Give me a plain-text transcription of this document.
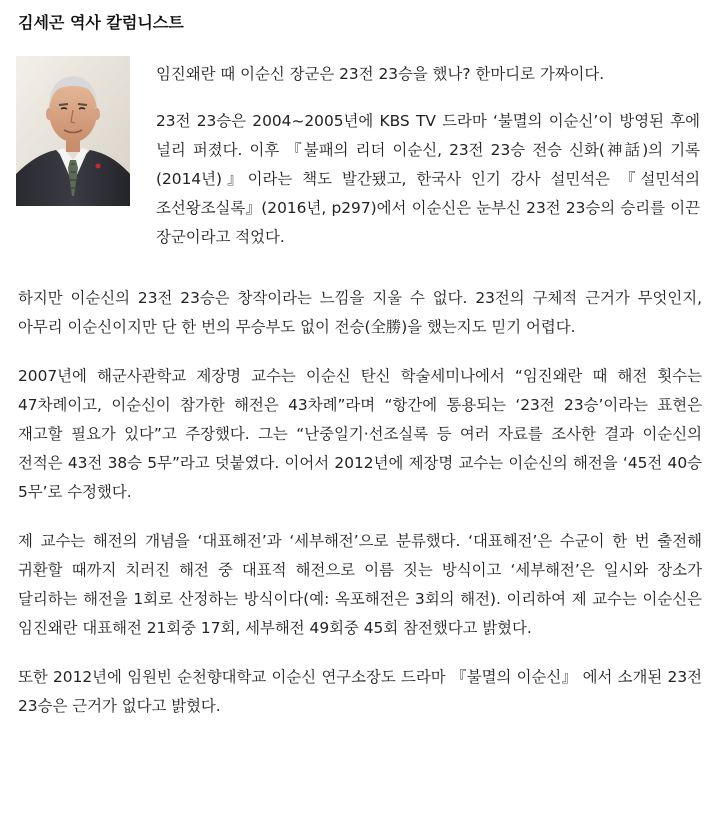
김세곤 역사 칼럼니스트

임진왜란 때 이순신 장군은 23전 23승을 했나? 한마디로 가짜이다.

23전 23승은 2004~2005년에 KBS TV 드라마 ‘불멸의 이순신’이 방영된 후에 널리 퍼졌다. 이후 『불패의 리더 이순신, 23전 23승 전승 신화(神話)의 기록(2014년)』이라는 책도 발간됐고, 한국사 인기 강사 설민석은 『설민석의 조선왕조실록』(2016년, p297)에서 이순신은 눈부신 23전 23승의 승리를 이끈 장군이라고 적었다.

하지만 이순신의 23전 23승은 창작이라는 느낌을 지울 수 없다. 23전의 구체적 근거가 무엇인지, 아무리 이순신이지만 단 한 번의 무승부도 없이 전승(全勝)을 했는지도 믿기 어렵다.

2007년에 해군사관학교 제장명 교수는 이순신 탄신 학술세미나에서 “임진왜란 때 해전 횟수는 47차례이고, 이순신이 참가한 해전은 43차례”라며 “항간에 통용되는 ‘23전 23승’이라는 표현은 재고할 필요가 있다”고 주장했다. 그는 “난중일기·선조실록 등 여러 자료를 조사한 결과 이순신의 전적은 43전 38승 5무”라고 덧붙였다. 이어서 2012년에 제장명 교수는 이순신의 해전을 ‘45전 40승 5무’로 수정했다.

제 교수는 해전의 개념을 ‘대표해전’과 ‘세부해전’으로 분류했다. ‘대표해전’은 수군이 한 번 출전해 귀환할 때까지 치러진 해전 중 대표적 해전으로 이름 짓는 방식이고 ‘세부해전’은 일시와 장소가 달리하는 해전을 1회로 산정하는 방식이다(예: 옥포해전은 3회의 해전). 이리하여 제 교수는 이순신은 임진왜란 대표해전 21회중 17회, 세부해전 49회중 45회 참전했다고 밝혔다.

또한 2012년에 임원빈 순천향대학교 이순신 연구소장도 드라마 『불멸의 이순신』 에서 소개된 23전 23승은 근거가 없다고 밝혔다.
